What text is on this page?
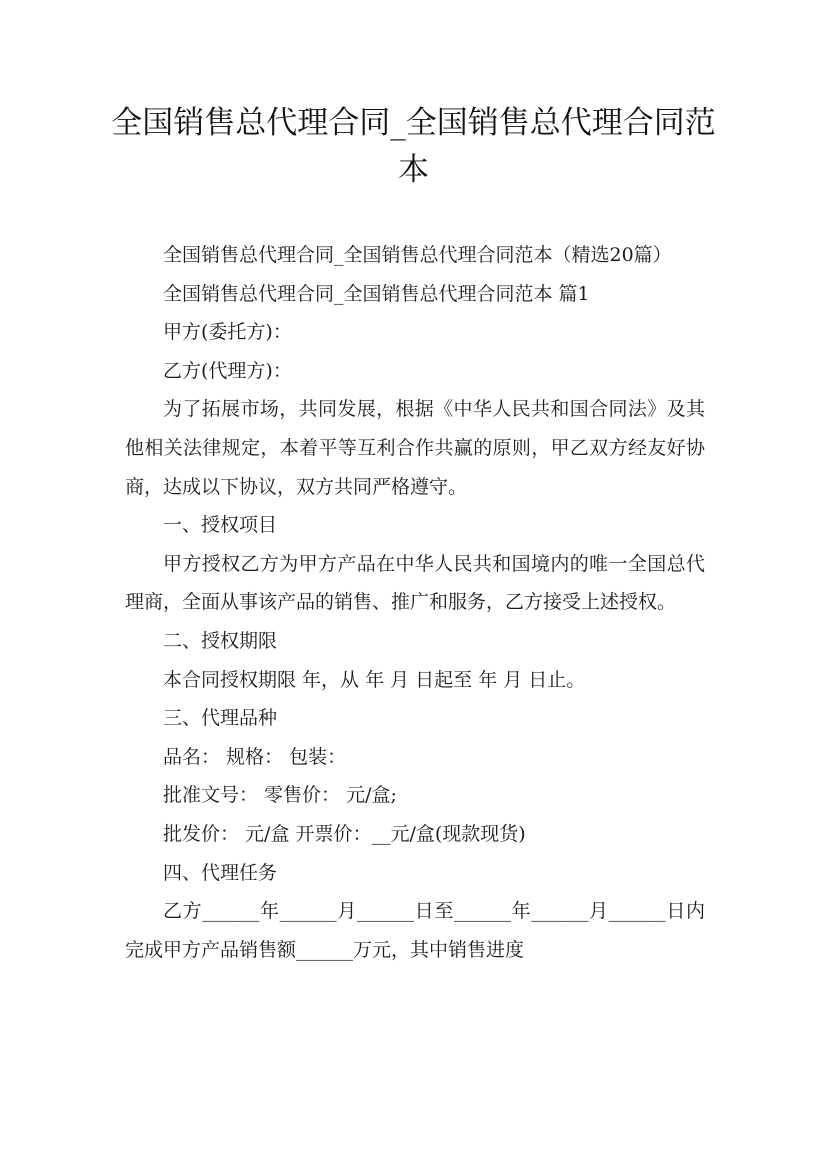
全国销售总代理合同_全国销售总代理合同范本

全国销售总代理合同_全国销售总代理合同范本（精选20篇）

全国销售总代理合同_全国销售总代理合同范本 篇1

甲方(委托方)：

乙方(代理方)：

为了拓展市场，共同发展，根据《中华人民共和国合同法》及其他相关法律规定，本着平等互利合作共赢的原则，甲乙双方经友好协商，达成以下协议，双方共同严格遵守。

一、授权项目

甲方授权乙方为甲方产品在中华人民共和国境内的唯一全国总代理商，全面从事该产品的销售、推广和服务，乙方接受上述授权。

二、授权期限

本合同授权期限 年，从 年 月 日起至 年 月 日止。

三、代理品种

品名： 规格： 包装：

批准文号： 零售价： 元/盒;

批发价： 元/盒 开票价：__元/盒(现款现货)

四、代理任务

乙方______年______月______日至______年______月______日内完成甲方产品销售额______万元，其中销售进度
